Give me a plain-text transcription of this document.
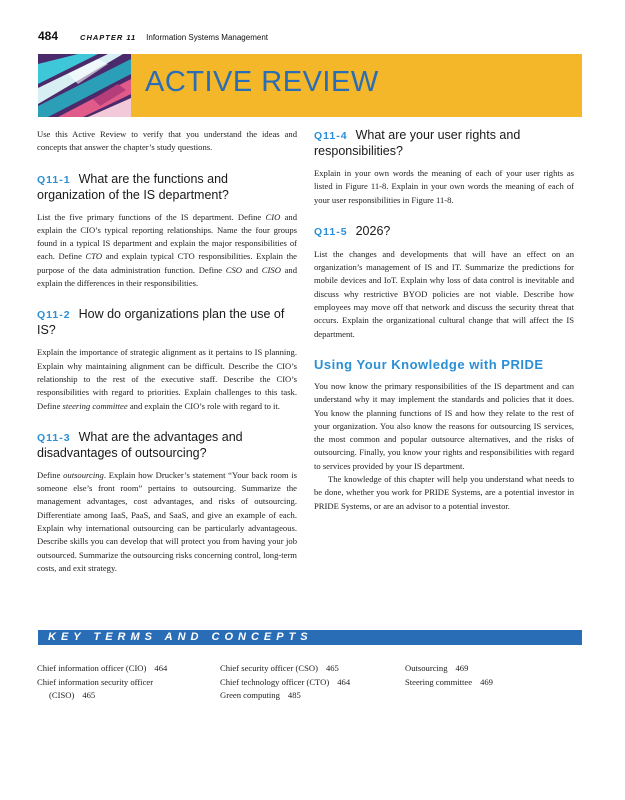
484	CHAPTER 11 Information Systems Management
ACTIVE REVIEW

Use this Active Review to verify that you understand the ideas and concepts that answer the chapter’s study questions.

Q11-1 What are the functions and organization of the IS department?

List the five primary functions of the IS department. Define CIO and explain the CIO’s typical reporting relationships. Name the four groups found in a typical IS department and explain the major responsibilities of each. Define CTO and explain typical CTO responsibilities. Explain the purpose of the data administration function. Define CSO and CISO and explain the differences in their responsibilities.

Q11-2 How do organizations plan the use of IS?

Explain the importance of strategic alignment as it pertains to IS planning. Explain why maintaining alignment can be difficult. Describe the CIO’s relationship to the rest of the executive staff. Describe the CIO’s responsibilities with regard to priorities. Explain challenges to this task. Define steering committee and explain the CIO’s role with regard to it.

Q11-3 What are the advantages and disadvantages of outsourcing?

Define outsourcing. Explain how Drucker’s statement “Your back room is someone else’s front room” pertains to outsourcing. Summarize the management advantages, cost advantages, and risks of outsourcing. Differentiate among IaaS, PaaS, and SaaS, and give an example of each. Explain why international outsourcing can be particularly advantageous. Describe skills you can develop that will protect you from having your job outsourced. Summarize the outsourcing risks concerning control, long-term costs, and exit strategy.

Q11-4 What are your user rights and responsibilities?

Explain in your own words the meaning of each of your user rights as listed in Figure 11-8. Explain in your own words the meaning of each of your user responsibilities in Figure 11-8.

Q11-5 2026?

List the changes and developments that will have an effect on an organization’s management of IS and IT. Summarize the predictions for mobile devices and IoT. Explain why loss of data control is inevitable and discuss why restrictive BYOD policies are not viable. Describe how employees may move off that network and discuss the security threat that occurs. Explain the organizational cultural change that will affect the IS department.

Using Your Knowledge with PRIDE

You now know the primary responsibilities of the IS department and can understand why it may implement the standards and policies that it does. You know the planning functions of IS and how they relate to the rest of your organization. You also know the reasons for outsourcing IS services, the most common and popular outsource alternatives, and the risks of outsourcing. Finally, you know your rights and responsibilities with regard to services provided by your IS department.

The knowledge of this chapter will help you understand what needs to be done, whether you work for PRIDE Systems, are a potential investor in PRIDE Systems, or are an advisor to a potential investor.

KEY TERMS AND CONCEPTS
Chief information officer (CIO) 464
Chief information security officer
(CISO) 465
Chief security officer (CSO) 465
Chief technology officer (CTO) 464
Green computing 485
Outsourcing 469
Steering committee 469
